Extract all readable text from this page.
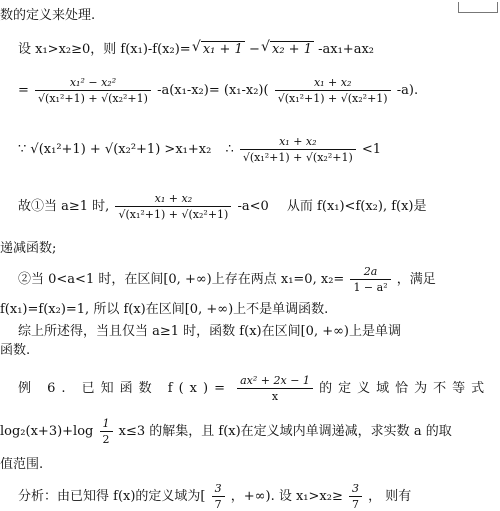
数的定义来处理.
设 x₁>x₂≥0，则 f(x₁)-f(x₂)= √ x₁ + 1 − √ x₂ + 1 -ax₁+ax₂
= $\frac{\text{x₁² − x₂²}}{\text{√(x₁²+1) + √(x₂²+1)}} -a(x_1-x_2)= (x_1-x_2)( \frac{\text{x₁ + x₂}}{\text{√(x₁²+1) + √(x₂²+1)}} -a)$.
∵ √(x₁²+1) + √(x₂²+1) >x₁+x₂ ∴ $\frac{\text{x₁ + x₂}}{\text{√(x₁²+1) + √(x₂²+1)}} <1$
故①当 a≥1 时, $\frac{\text{x₁ + x₂}}{\text{√(x₁²+1) + √(x₂²+1)}} -a<0$ 从而 f(x₁)<f(x₂), f(x)是
递减函数;
②当 0<a<1 时，在区间[0, +∞)上存在两点 x₁=0, $x_2= \frac{2a}{\text{1 − a²}}$ ，满足
f(x₁)=f(x₂)=1, 所以 f(x)在区间[0, +∞)上不是单调函数.
综上所述得，当且仅当 a≥1 时，函数 f(x)在区间[0, +∞)上是单调
函数.
例 6. 已知函数 $f(x)= \frac{\text{ax² + 2x − 1}}{x}$ 的定义域恰为不等式
$\log_2(x+3)+\log \frac{1}{2} x\le 3$ 的解集，且 f(x)在定义域内单调递减，求实数 a 的取
值范围.
分析：由已知得 f(x)的定义域为[ $\frac{3}{7}$ ，+∞). 设 $x_1>x_2\ge \frac{3}{7}$ ， 则有
